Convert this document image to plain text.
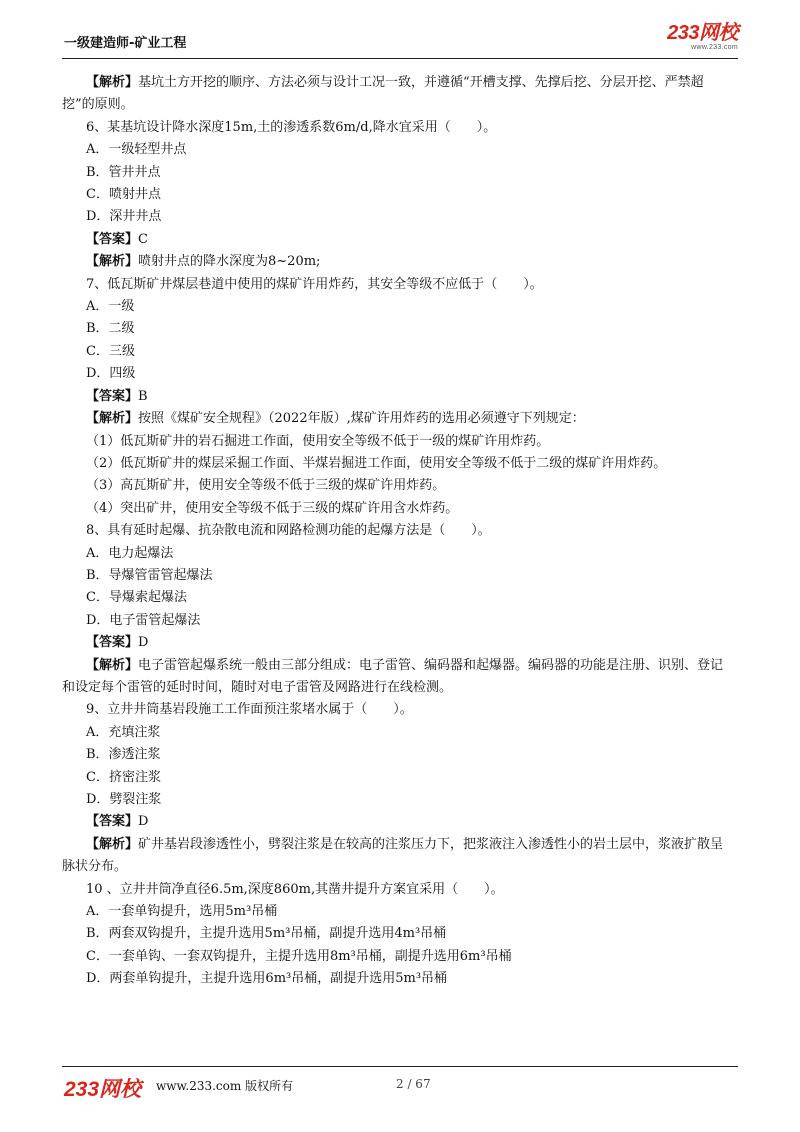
一级建造师-矿业工程	233网校
www.233.com
【解析】基坑土方开挖的顺序、方法必须与设计工况一致，并遵循“开槽支撑、先撑后挖、分层开挖、严禁超挖”的原则。
6、某基坑设计降水深度15m,土的渗透系数6m/d,降水宜采用（　　）。
A．一级轻型井点
B．管井井点
C．喷射井点
D．深井井点
【答案】C
【解析】喷射井点的降水深度为8~20m;
7、低瓦斯矿井煤层巷道中使用的煤矿许用炸药，其安全等级不应低于（　　）。
A．一级
B．二级
C．三级
D．四级
【答案】B
【解析】按照《煤矿安全规程》（2022年版）,煤矿许用炸药的选用必须遵守下列规定：
（1）低瓦斯矿井的岩石掘进工作面，使用安全等级不低于一级的煤矿许用炸药。
（2）低瓦斯矿井的煤层采掘工作面、半煤岩掘进工作面，使用安全等级不低于二级的煤矿许用炸药。
（3）高瓦斯矿井，使用安全等级不低于三级的煤矿许用炸药。
（4）突出矿井，使用安全等级不低于三级的煤矿许用含水炸药。
8、具有延时起爆、抗杂散电流和网路检测功能的起爆方法是（　　）。
A．电力起爆法
B．导爆管雷管起爆法
C．导爆索起爆法
D．电子雷管起爆法
【答案】D
【解析】电子雷管起爆系统一般由三部分组成：电子雷管、编码器和起爆器。编码器的功能是注册、识别、登记和设定每个雷管的延时时间，随时对电子雷管及网路进行在线检测。
9、立井井筒基岩段施工工作面预注浆堵水属于（　　）。
A．充填注浆
B．渗透注浆
C．挤密注浆
D．劈裂注浆
【答案】D
【解析】矿井基岩段渗透性小，劈裂注浆是在较高的注浆压力下，把浆液注入渗透性小的岩土层中，浆液扩散呈脉状分布。
10 、立井井筒净直径6.5m,深度860m,其凿井提升方案宜采用（　　）。
A．一套单钩提升，选用5m³吊桶
B．两套双钩提升，主提升选用5m³吊桶，副提升选用4m³吊桶
C．一套单钩、一套双钩提升，主提升选用8m³吊桶，副提升选用6m³吊桶
D．两套单钩提升，主提升选用6m³吊桶，副提升选用5m³吊桶
233网校 www.233.com 版权所有	2 / 67
